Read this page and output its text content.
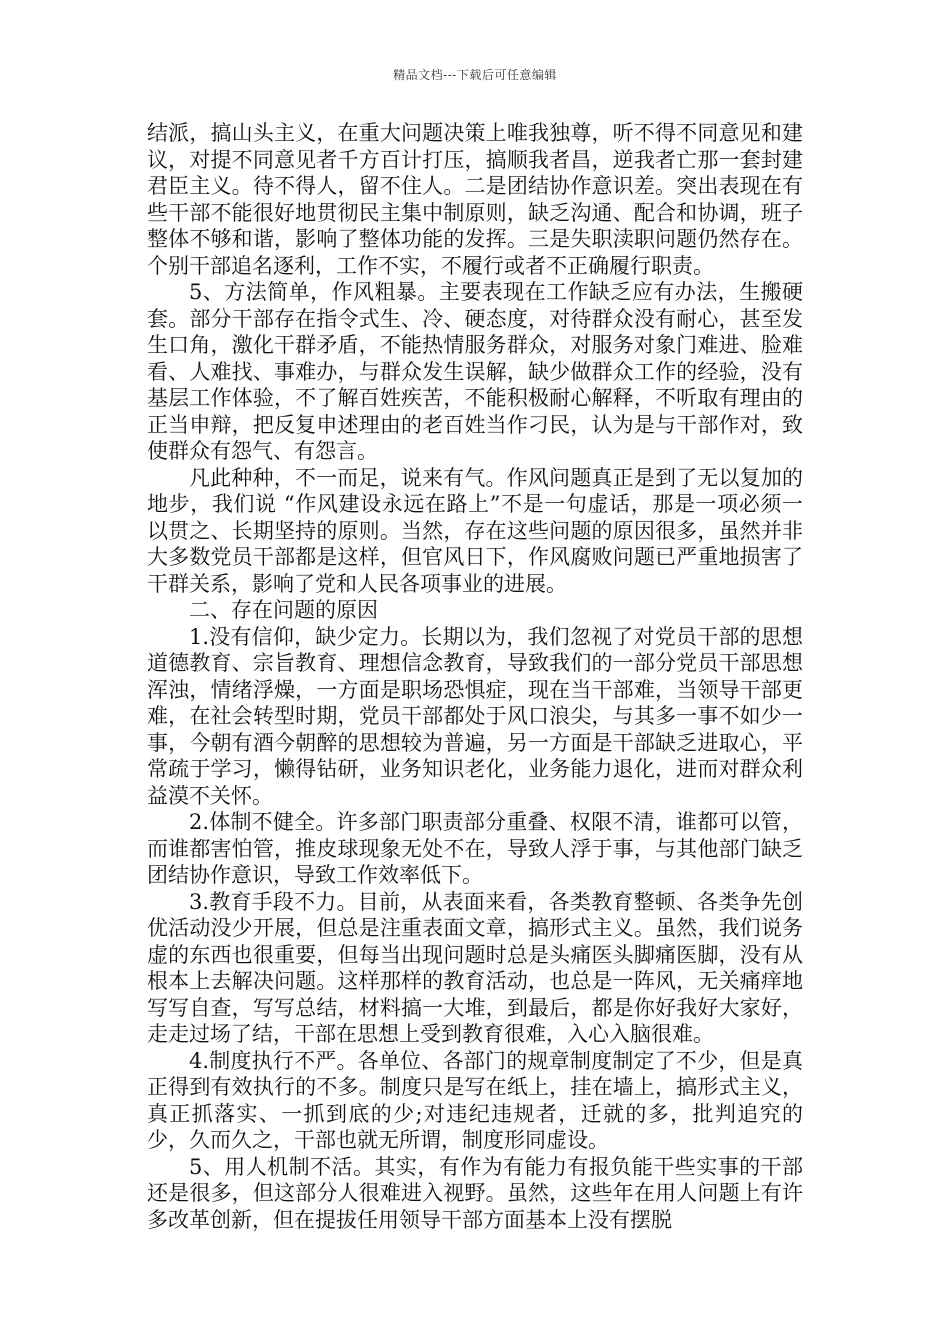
精品文档---下载后可任意编辑

结派，搞山头主义，在重大问题决策上唯我独尊，听不得不同意见和建议，对提不同意见者千方百计打压，搞顺我者昌，逆我者亡那一套封建君臣主义。待不得人，留不住人。二是团结协作意识差。突出表现在有些干部不能很好地贯彻民主集中制原则，缺乏沟通、配合和协调，班子整体不够和谐，影响了整体功能的发挥。三是失职渎职问题仍然存在。个别干部追名逐利，工作不实，不履行或者不正确履行职责。

5、方法简单，作风粗暴。主要表现在工作缺乏应有办法，生搬硬套。部分干部存在指令式生、冷、硬态度，对待群众没有耐心，甚至发生口角，激化干群矛盾，不能热情服务群众，对服务对象门难进、脸难看、人难找、事难办，与群众发生误解，缺少做群众工作的经验，没有基层工作体验，不了解百姓疾苦，不能积极耐心解释，不听取有理由的正当申辩，把反复申述理由的老百姓当作刁民，认为是与干部作对，致使群众有怨气、有怨言。

凡此种种，不一而足，说来有气。作风问题真正是到了无以复加的地步，我们说 “作风建设永远在路上”不是一句虚话，那是一项必须一以贯之、长期坚持的原则。当然，存在这些问题的原因很多，虽然并非大多数党员干部都是这样，但官风日下，作风腐败问题已严重地损害了干群关系，影响了党和人民各项事业的进展。

二、存在问题的原因

1.没有信仰，缺少定力。长期以为，我们忽视了对党员干部的思想道德教育、宗旨教育、理想信念教育，导致我们的一部分党员干部思想浑浊，情绪浮燥，一方面是职场恐惧症，现在当干部难，当领导干部更难，在社会转型时期，党员干部都处于风口浪尖，与其多一事不如少一事，今朝有酒今朝醉的思想较为普遍，另一方面是干部缺乏进取心，平常疏于学习，懒得钻研，业务知识老化，业务能力退化，进而对群众利益漠不关怀。

2.体制不健全。许多部门职责部分重叠、权限不清，谁都可以管，而谁都害怕管，推皮球现象无处不在，导致人浮于事，与其他部门缺乏团结协作意识，导致工作效率低下。

3.教育手段不力。目前，从表面来看，各类教育整顿、各类争先创优活动没少开展，但总是注重表面文章，搞形式主义。虽然，我们说务虚的东西也很重要，但每当出现问题时总是头痛医头脚痛医脚，没有从根本上去解决问题。这样那样的教育活动，也总是一阵风，无关痛痒地写写自查，写写总结，材料搞一大堆，到最后，都是你好我好大家好，走走过场了结，干部在思想上受到教育很难，入心入脑很难。

4.制度执行不严。各单位、各部门的规章制度制定了不少，但是真正得到有效执行的不多。制度只是写在纸上，挂在墙上，搞形式主义，真正抓落实、一抓到底的少;对违纪违规者，迁就的多，批判追究的少，久而久之，干部也就无所谓，制度形同虚设。

5、用人机制不活。其实，有作为有能力有报负能干些实事的干部还是很多，但这部分人很难进入视野。虽然，这些年在用人问题上有许多改革创新，但在提拔任用领导干部方面基本上没有摆脱
